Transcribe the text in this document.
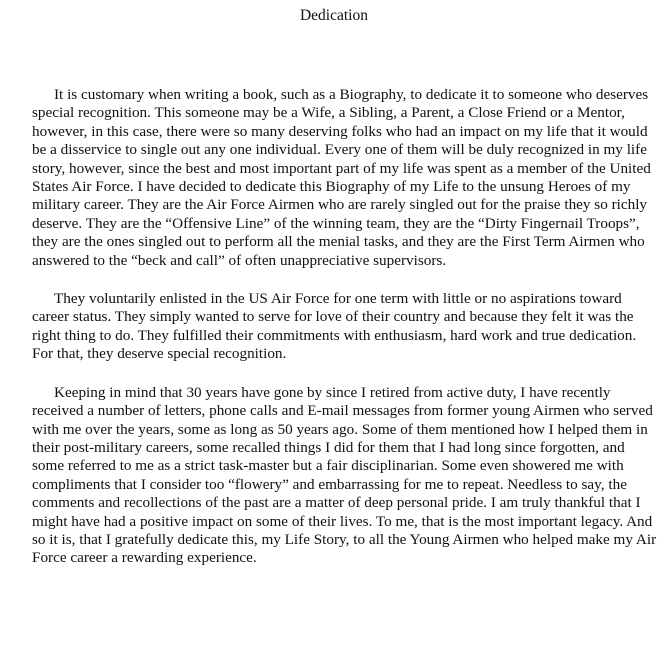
Dedication

It is customary when writing a book, such as a Biography, to dedicate it to someone who deserves special recognition. This someone may be a Wife, a Sibling, a Parent, a Close Friend or a Mentor, however, in this case, there were so many deserving folks who had an impact on my life that it would be a disservice to single out any one individual. Every one of them will be duly recognized in my life story, however, since the best and most important part of my life was spent as a member of the United States Air Force. I have decided to dedicate this Biography of my Life to the unsung Heroes of my military career. They are the Air Force Airmen who are rarely singled out for the praise they so richly deserve. They are the “Offensive Line” of the winning team, they are the “Dirty Fingernail Troops”, they are the ones singled out to perform all the menial tasks, and they are the First Term Airmen who answered to the “beck and call” of often unappreciative supervisors.

They voluntarily enlisted in the US Air Force for one term with little or no aspirations toward career status. They simply wanted to serve for love of their country and because they felt it was the right thing to do. They fulfilled their commitments with enthusiasm, hard work and true dedication. For that, they deserve special recognition.

Keeping in mind that 30 years have gone by since I retired from active duty, I have recently received a number of letters, phone calls and E-mail messages from former young Airmen who served with me over the years, some as long as 50 years ago. Some of them mentioned how I helped them in their post-military careers, some recalled things I did for them that I had long since forgotten, and some referred to me as a strict task-master but a fair disciplinarian. Some even showered me with compliments that I consider too “flowery” and embarrassing for me to repeat. Needless to say, the comments and recollections of the past are a matter of deep personal pride. I am truly thankful that I might have had a positive impact on some of their lives. To me, that is the most important legacy. And so it is, that I gratefully dedicate this, my Life Story, to all the Young Airmen who helped make my Air Force career a rewarding experience.
